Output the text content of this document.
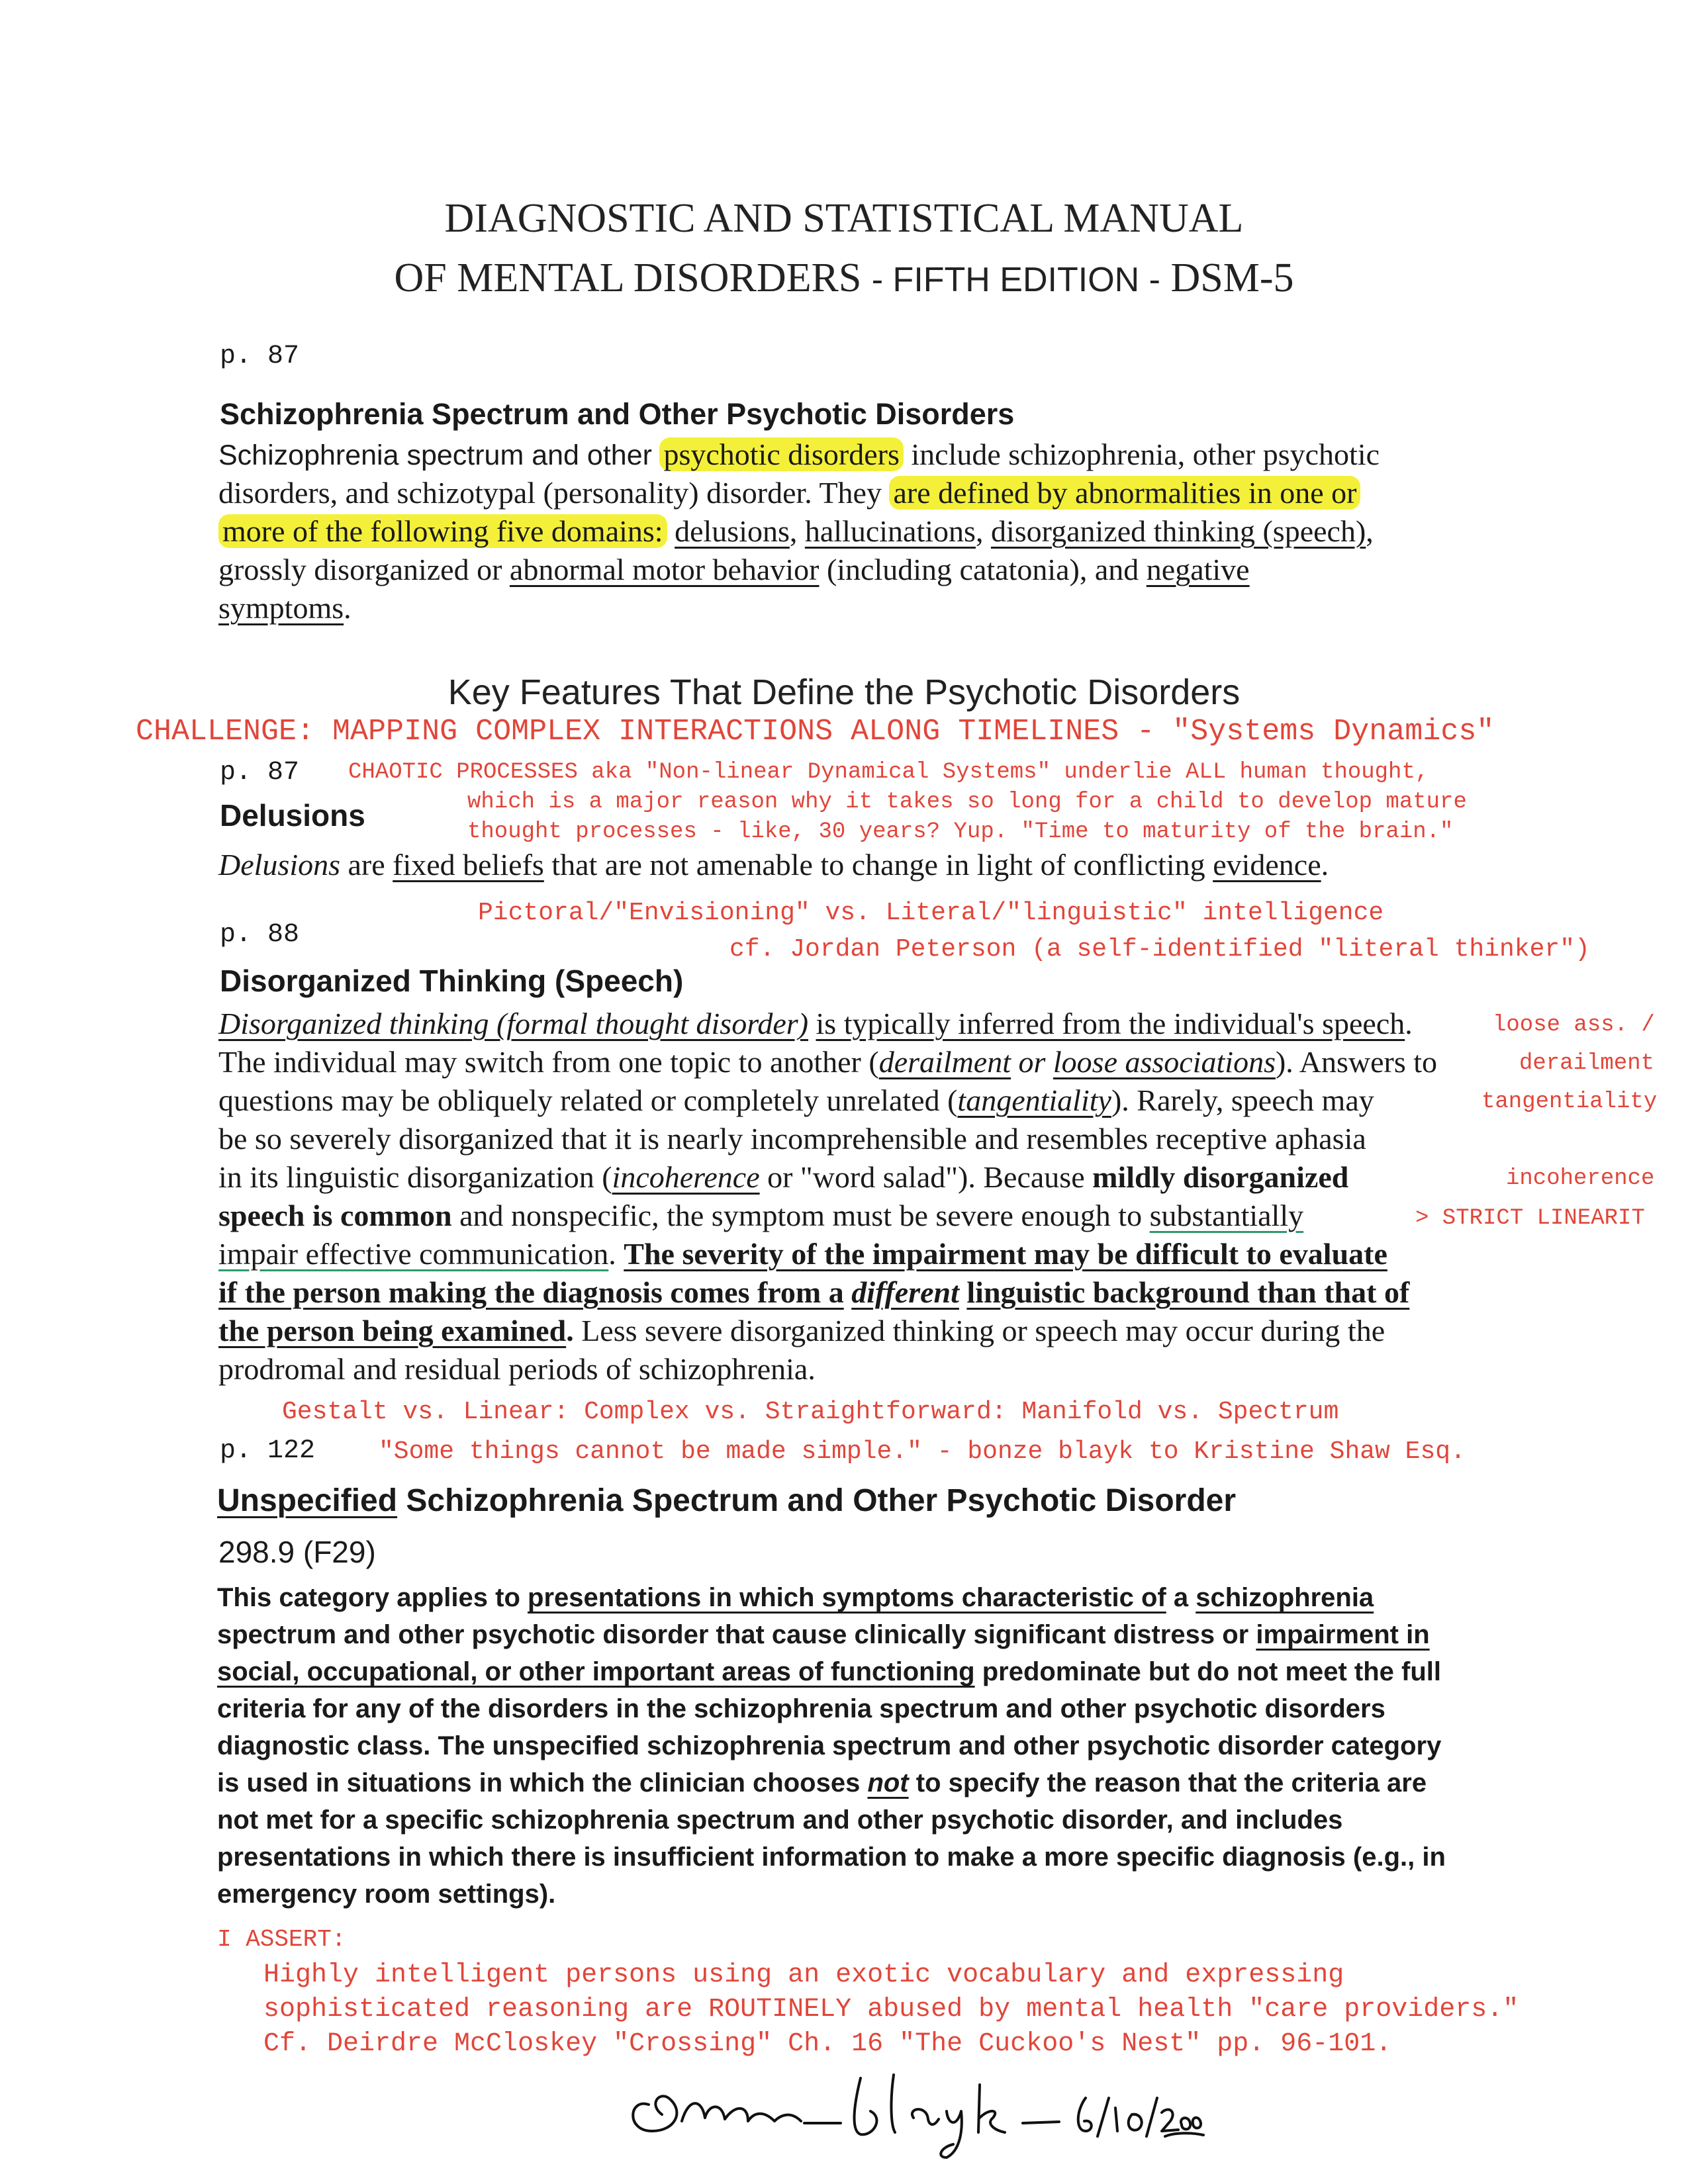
DIAGNOSTIC AND STATISTICAL MANUAL
OF MENTAL DISORDERS - FIFTH EDITION - DSM-5
p. 87
Schizophrenia Spectrum and Other Psychotic Disorders
Schizophrenia spectrum and other psychotic disorders include schizophrenia, other psychotic
disorders, and schizotypal (personality) disorder. They are defined by abnormalities in one or
more of the following five domains: delusions, hallucinations, disorganized thinking (speech),
grossly disorganized or abnormal motor behavior (including catatonia), and negative
symptoms.
Key Features That Define the Psychotic Disorders
CHALLENGE: MAPPING COMPLEX INTERACTIONS ALONG TIMELINES - "Systems Dynamics"
p. 87 CHAOTIC PROCESSES aka "Non-linear Dynamical Systems" underlie ALL human thought,
which is a major reason why it takes so long for a child to develop mature
thought processes - like, 30 years? Yup. "Time to maturity of the brain."
Delusions
Delusions are fixed beliefs that are not amenable to change in light of conflicting evidence.
Pictoral/"Envisioning" vs. Literal/"linguistic" intelligence
p. 88	cf. Jordan Peterson (a self-identified "literal thinker")
Disorganized Thinking (Speech)
Disorganized thinking (formal thought disorder) is typically inferred from the individual's speech.
The individual may switch from one topic to another (derailment or loose associations). Answers to
questions may be obliquely related or completely unrelated (tangentiality). Rarely, speech may
be so severely disorganized that it is nearly incomprehensible and resembles receptive aphasia
in its linguistic disorganization (incoherence or "word salad"). Because mildly disorganized
speech is common and nonspecific, the symptom must be severe enough to substantially
impair effective communication. The severity of the impairment may be difficult to evaluate
if the person making the diagnosis comes from a different linguistic background than that of
the person being examined. Less severe disorganized thinking or speech may occur during the
prodromal and residual periods of schizophrenia.
loose ass. /
derailment
tangentiality
incoherence
> STRICT LINEARIT
Gestalt vs. Linear: Complex vs. Straightforward: Manifold vs. Spectrum
p. 122	"Some things cannot be made simple." - bonze blayk to Kristine Shaw Esq.
Unspecified Schizophrenia Spectrum and Other Psychotic Disorder
298.9 (F29)
This category applies to presentations in which symptoms characteristic of a schizophrenia
spectrum and other psychotic disorder that cause clinically significant distress or impairment in
social, occupational, or other important areas of functioning predominate but do not meet the full
criteria for any of the disorders in the schizophrenia spectrum and other psychotic disorders
diagnostic class. The unspecified schizophrenia spectrum and other psychotic disorder category
is used in situations in which the clinician chooses not to specify the reason that the criteria are
not met for a specific schizophrenia spectrum and other psychotic disorder, and includes
presentations in which there is insufficient information to make a more specific diagnosis (e.g., in
emergency room settings).
I ASSERT:
Highly intelligent persons using an exotic vocabulary and expressing
sophisticated reasoning are ROUTINELY abused by mental health "care providers."
Cf. Deirdre McCloskey "Crossing" Ch. 16 "The Cuckoo's Nest" pp. 96-101.
